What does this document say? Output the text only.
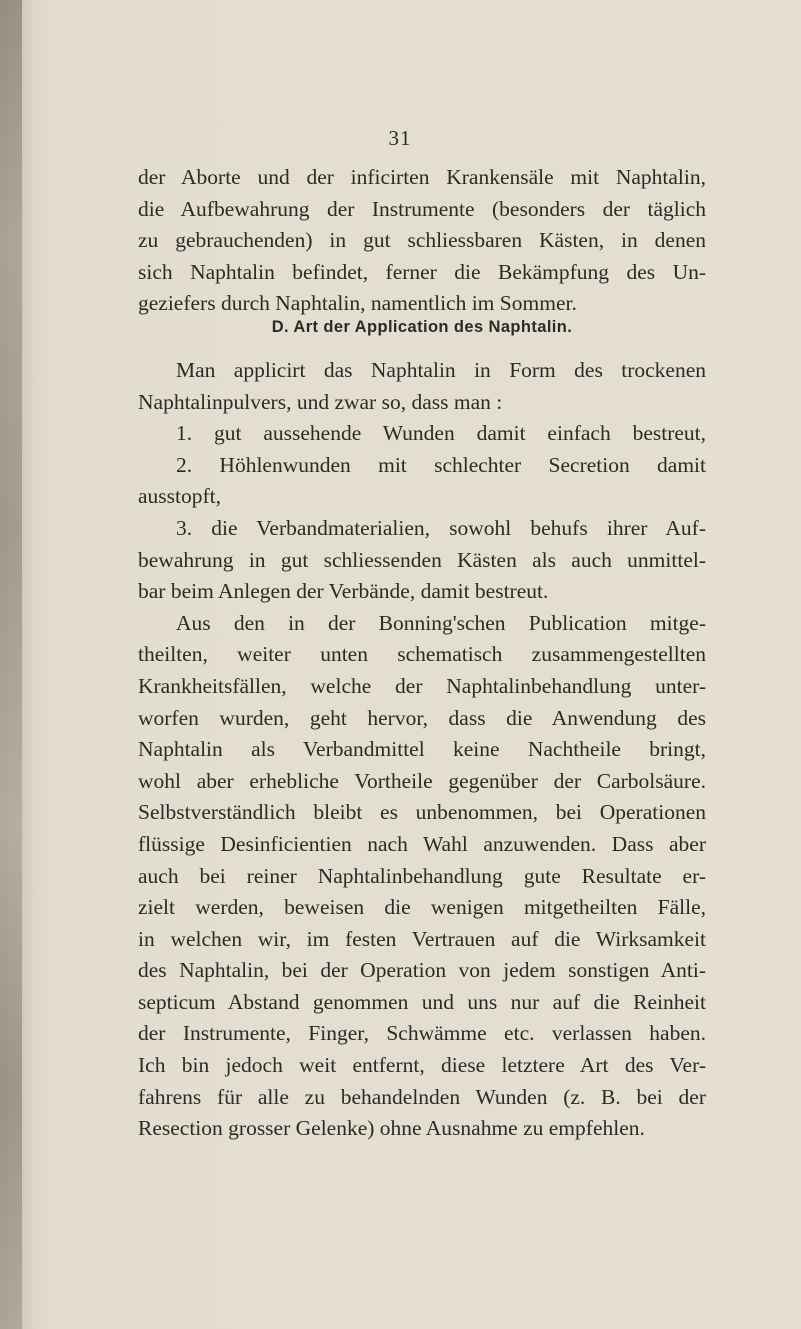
31
der Aborte und der inficirten Krankensäle mit Naphtalin,
die Aufbewahrung der Instrumente (besonders der täglich
zu gebrauchenden) in gut schliessbaren Kästen, in denen
sich Naphtalin befindet, ferner die Bekämpfung des Un-
geziefers durch Naphtalin, namentlich im Sommer.
D. Art der Application des Naphtalin.
Man applicirt das Naphtalin in Form des trockenen
Naphtalinpulvers, und zwar so, dass man :
1. gut aussehende Wunden damit einfach bestreut,
2. Höhlenwunden mit schlechter Secretion damit
ausstopft,
3. die Verbandmaterialien, sowohl behufs ihrer Auf-
bewahrung in gut schliessenden Kästen als auch unmittel-
bar beim Anlegen der Verbände, damit bestreut.
Aus den in der Bonning'schen Publication mitge-
theilten, weiter unten schematisch zusammengestellten
Krankheitsfällen, welche der Naphtalinbehandlung unter-
worfen wurden, geht hervor, dass die Anwendung des
Naphtalin als Verbandmittel keine Nachtheile bringt,
wohl aber erhebliche Vortheile gegenüber der Carbolsäure.
Selbstverständlich bleibt es unbenommen, bei Operationen
flüssige Desinficientien nach Wahl anzuwenden. Dass aber
auch bei reiner Naphtalinbehandlung gute Resultate er-
zielt werden, beweisen die wenigen mitgetheilten Fälle,
in welchen wir, im festen Vertrauen auf die Wirksamkeit
des Naphtalin, bei der Operation von jedem sonstigen Anti-
septicum Abstand genommen und uns nur auf die Reinheit
der Instrumente, Finger, Schwämme etc. verlassen haben.
Ich bin jedoch weit entfernt, diese letztere Art des Ver-
fahrens für alle zu behandelnden Wunden (z. B. bei der
Resection grosser Gelenke) ohne Ausnahme zu empfehlen.
